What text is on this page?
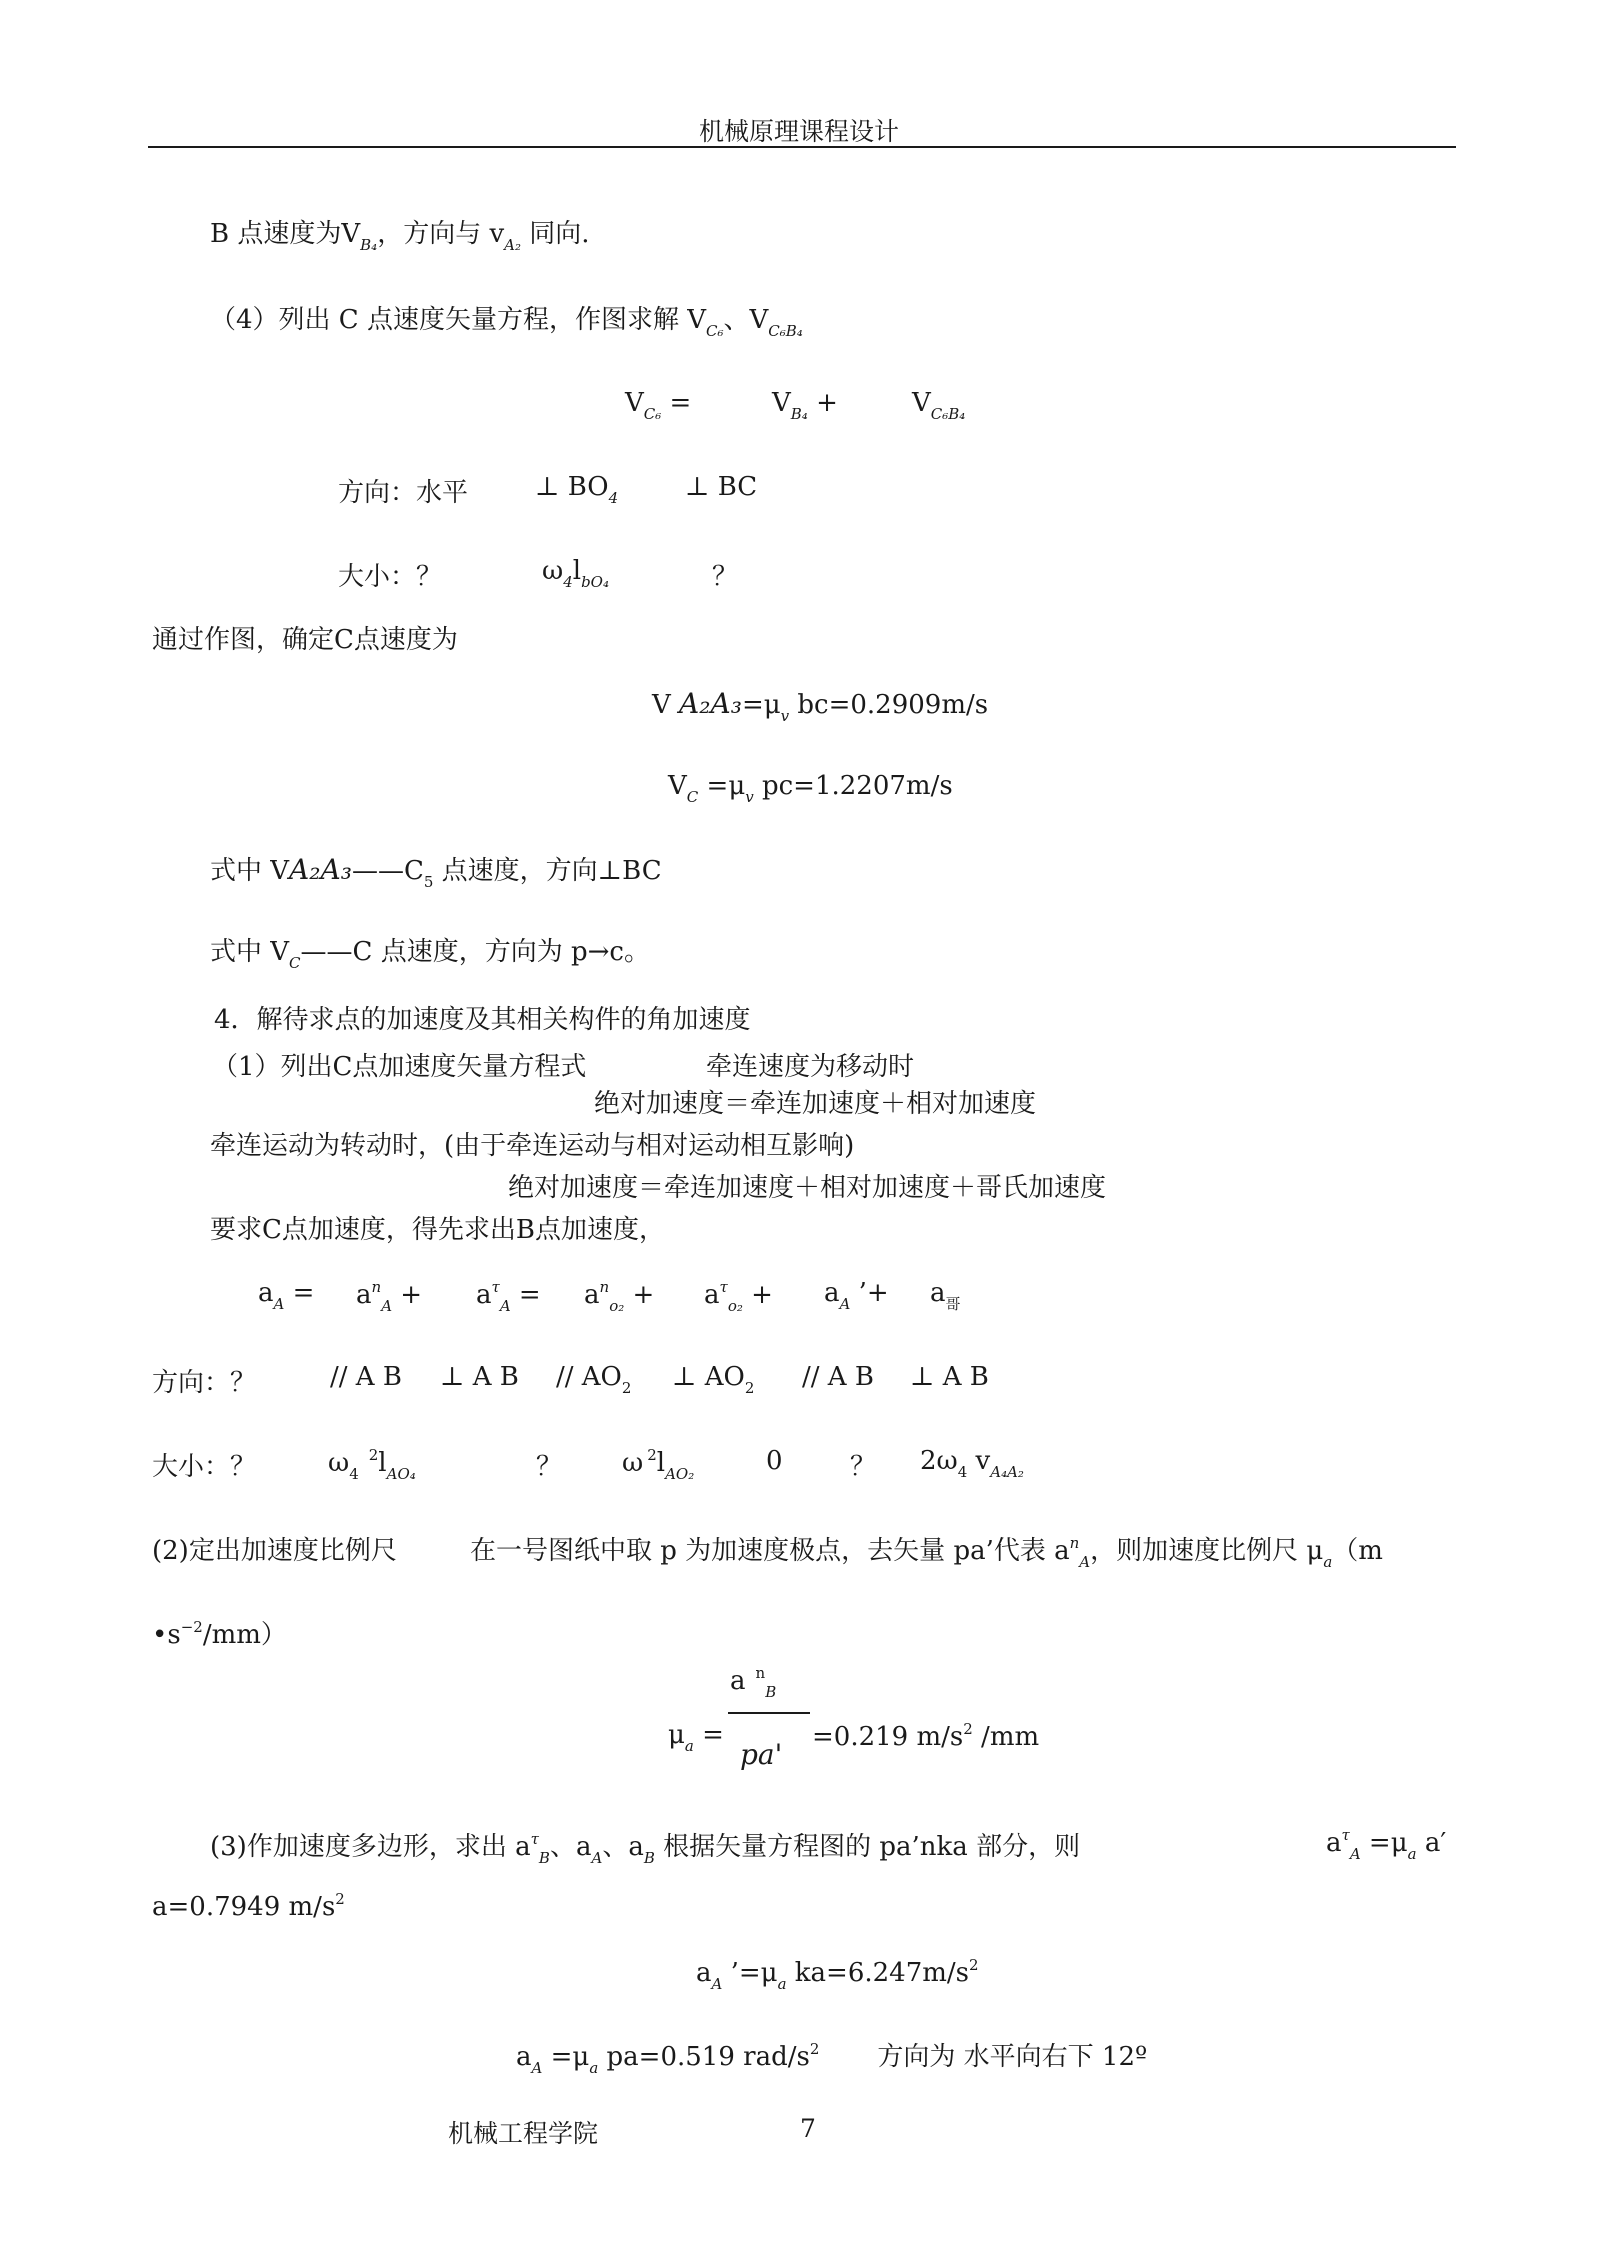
机械原理课程设计
B 点速度为$V_{B_4}$，方向与 $v_{A_2}$ 同向.
（4）列出 C 点速度矢量方程，作图求解 $V_{C_6}$、$V_{C_6B_4}$
$V_{C_6}$ =	$V_{B_4}$ +	$V_{C_6B_4}$
方向：水平	⊥ $BO_4$	⊥ BC
大小：？	$\omega_4l_{bO_4}$	？
通过作图，确定C点速度为
V $A_2A_3=\mu_v$ bc=0.2909m/s
$V_C =\mu_v$ pc=1.2207m/s
式中 $VA_2A_3——C_5$ 点速度，方向⊥BC
式中 $V_C——C$ 点速度，方向为 p→c。
4．解待求点的加速度及其相关构件的角加速度
（1）列出C点加速度矢量方程式	牵连速度为移动时
绝对加速度＝牵连加速度＋相对加速度
牵连运动为转动时，(由于牵连运动与相对运动相互影响)
绝对加速度＝牵连加速度＋相对加速度＋哥氏加速度
要求C点加速度，得先求出B点加速度，
$a_A = a^n_A + a^\tau_A = a^n_{o_2} + a^\tau_{o_2} + a_A$ ’+ $a_哥$
方向：？	// A B ⊥ A B // $AO_2$ ⊥ $AO_2$ // A B ⊥ A B
大小：？	$\omega_4^2l_{AO_4}$	？ ω $^2l_{AO_2}$	0	？ $2\omega_4$ $v_{A_4A_2}$
(2)定出加速度比例尺	在一号图纸中取 p 为加速度极点，去矢量 pa’代表 $a^n_A$，则加速度比例尺 $\mu_a(m$
$•s^{-2}/mm$）
$\mu_a$ =
a $^n_B$
pa'
=0.219 $m/s^2$ /mm
(3)作加速度多边形，求出 $a^\tau_B$、$a_A$、$a_B$ 根据矢量方程图的 pa’nka 部分，则	$a^\tau_A =\mu_a$ a′
a=0.7949 $m/s^2$
$a_A$ $’=\mu_a$ $ka=6.247m/s^2$
$a_A =\mu_a$ pa=0.519 rad/$s^2$ 方向为 水平向右下 12º
机械工程学院	7
